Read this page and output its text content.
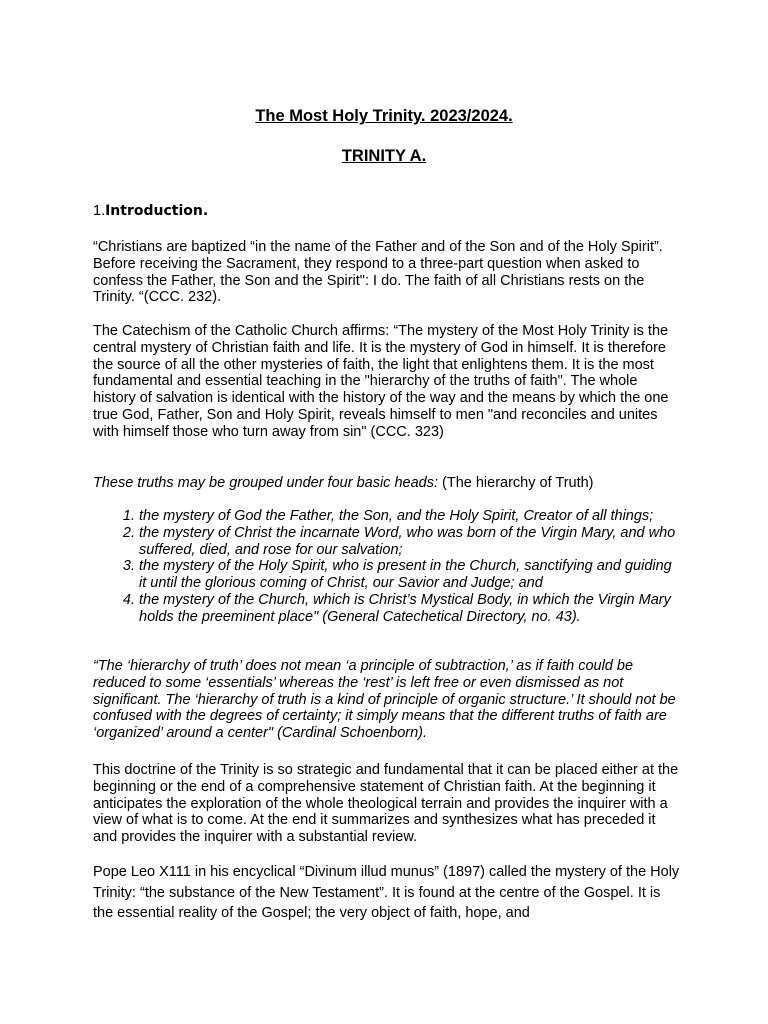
The Most Holy Trinity. 2023/2024.
TRINITY A.
1.Introduction.

“Christians are baptized “in the name of the Father and of the Son and of the Holy Spirit”. Before receiving the Sacrament, they respond to a three-part question when asked to confess the Father, the Son and the Spirit": I do. The faith of all Christians rests on the Trinity. “(CCC. 232).

The Catechism of the Catholic Church affirms: “The mystery of the Most Holy Trinity is the central mystery of Christian faith and life. It is the mystery of God in himself. It is therefore the source of all the other mysteries of faith, the light that enlightens them. It is the most fundamental and essential teaching in the "hierarchy of the truths of faith". The whole history of salvation is identical with the history of the way and the means by which the one true God, Father, Son and Holy Spirit, reveals himself to men "and reconciles and unites with himself those who turn away from sin" (CCC. 323)

These truths may be grouped under four basic heads: (The hierarchy of Truth)

1. the mystery of God the Father, the Son, and the Holy Spirit, Creator of all things;
2. the mystery of Christ the incarnate Word, who was born of the Virgin Mary, and who suffered, died, and rose for our salvation;
3. the mystery of the Holy Spirit, who is present in the Church, sanctifying and guiding it until the glorious coming of Christ, our Savior and Judge; and
4. the mystery of the Church, which is Christ’s Mystical Body, in which the Virgin Mary holds the preeminent place" (General Catechetical Directory, no. 43).

“The ‘hierarchy of truth’ does not mean ‘a principle of subtraction,’ as if faith could be reduced to some ‘essentials’ whereas the ‘rest’ is left free or even dismissed as not significant. The ‘hierarchy of truth is a kind of principle of organic structure.’ It should not be confused with the degrees of certainty; it simply means that the different truths of faith are ‘organized’ around a center" (Cardinal Schoenborn).

This doctrine of the Trinity is so strategic and fundamental that it can be placed either at the beginning or the end of a comprehensive statement of Christian faith. At the beginning it anticipates the exploration of the whole theological terrain and provides the inquirer with a view of what is to come. At the end it summarizes and synthesizes what has preceded it and provides the inquirer with a substantial review.

Pope Leo X111 in his encyclical “Divinum illud munus” (1897) called the mystery of the Holy Trinity: “the substance of the New Testament”. It is found at the centre of the Gospel. It is the essential reality of the Gospel; the very object of faith, hope, and
